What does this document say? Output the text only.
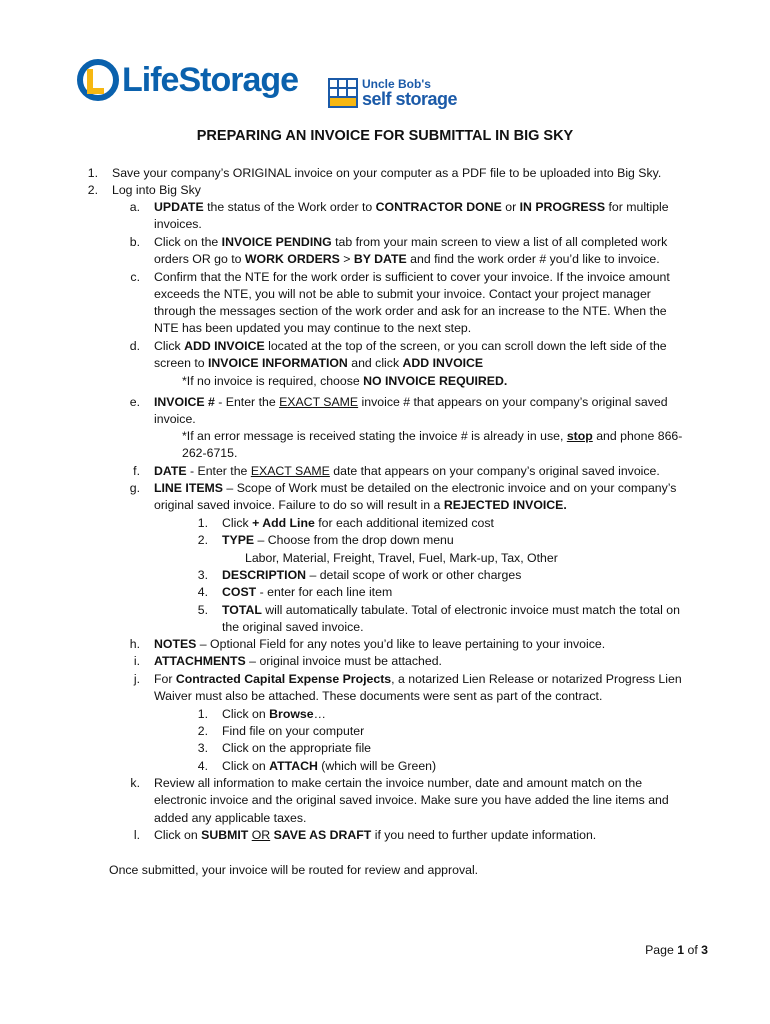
LifeStorage	Uncle Bob's
self storage
PREPARING AN INVOICE FOR SUBMITTAL IN BIG SKY
1. Save your company’s ORIGINAL invoice on your computer as a PDF file to be uploaded into Big Sky.
2. Log into Big Sky
a. UPDATE the status of the Work order to CONTRACTOR DONE or IN PROGRESS for multiple
invoices.
b. Click on the INVOICE PENDING tab from your main screen to view a list of all completed work
orders OR go to WORK ORDERS > BY DATE and find the work order # you’d like to invoice.
c. Confirm that the NTE for the work order is sufficient to cover your invoice. If the invoice amount
exceeds the NTE, you will not be able to submit your invoice. Contact your project manager
through the messages section of the work order and ask for an increase to the NTE. When the
NTE has been updated you may continue to the next step.
d. Click ADD INVOICE located at the top of the screen, or you can scroll down the left side of the
screen to INVOICE INFORMATION and click ADD INVOICE
*If no invoice is required, choose NO INVOICE REQUIRED.
e. INVOICE # - Enter the EXACT SAME invoice # that appears on your company’s original saved
invoice.
*If an error message is received stating the invoice # is already in use, stop and phone 866-
262-6715.
f. DATE - Enter the EXACT SAME date that appears on your company’s original saved invoice.
g. LINE ITEMS – Scope of Work must be detailed on the electronic invoice and on your company’s
original saved invoice. Failure to do so will result in a REJECTED INVOICE.
1. Click + Add Line for each additional itemized cost
2. TYPE – Choose from the drop down menu
Labor, Material, Freight, Travel, Fuel, Mark-up, Tax, Other
3. DESCRIPTION – detail scope of work or other charges
4. COST - enter for each line item
5. TOTAL will automatically tabulate. Total of electronic invoice must match the total on
the original saved invoice.
h. NOTES – Optional Field for any notes you’d like to leave pertaining to your invoice.
i. ATTACHMENTS – original invoice must be attached.
j. For Contracted Capital Expense Projects, a notarized Lien Release or notarized Progress Lien
Waiver must also be attached. These documents were sent as part of the contract.
1. Click on Browse…
2. Find file on your computer
3. Click on the appropriate file
4. Click on ATTACH (which will be Green)
k. Review all information to make certain the invoice number, date and amount match on the
electronic invoice and the original saved invoice. Make sure you have added the line items and
added any applicable taxes.
l. Click on SUBMIT OR SAVE AS DRAFT if you need to further update information.
Once submitted, your invoice will be routed for review and approval.
Page 1 of 3
